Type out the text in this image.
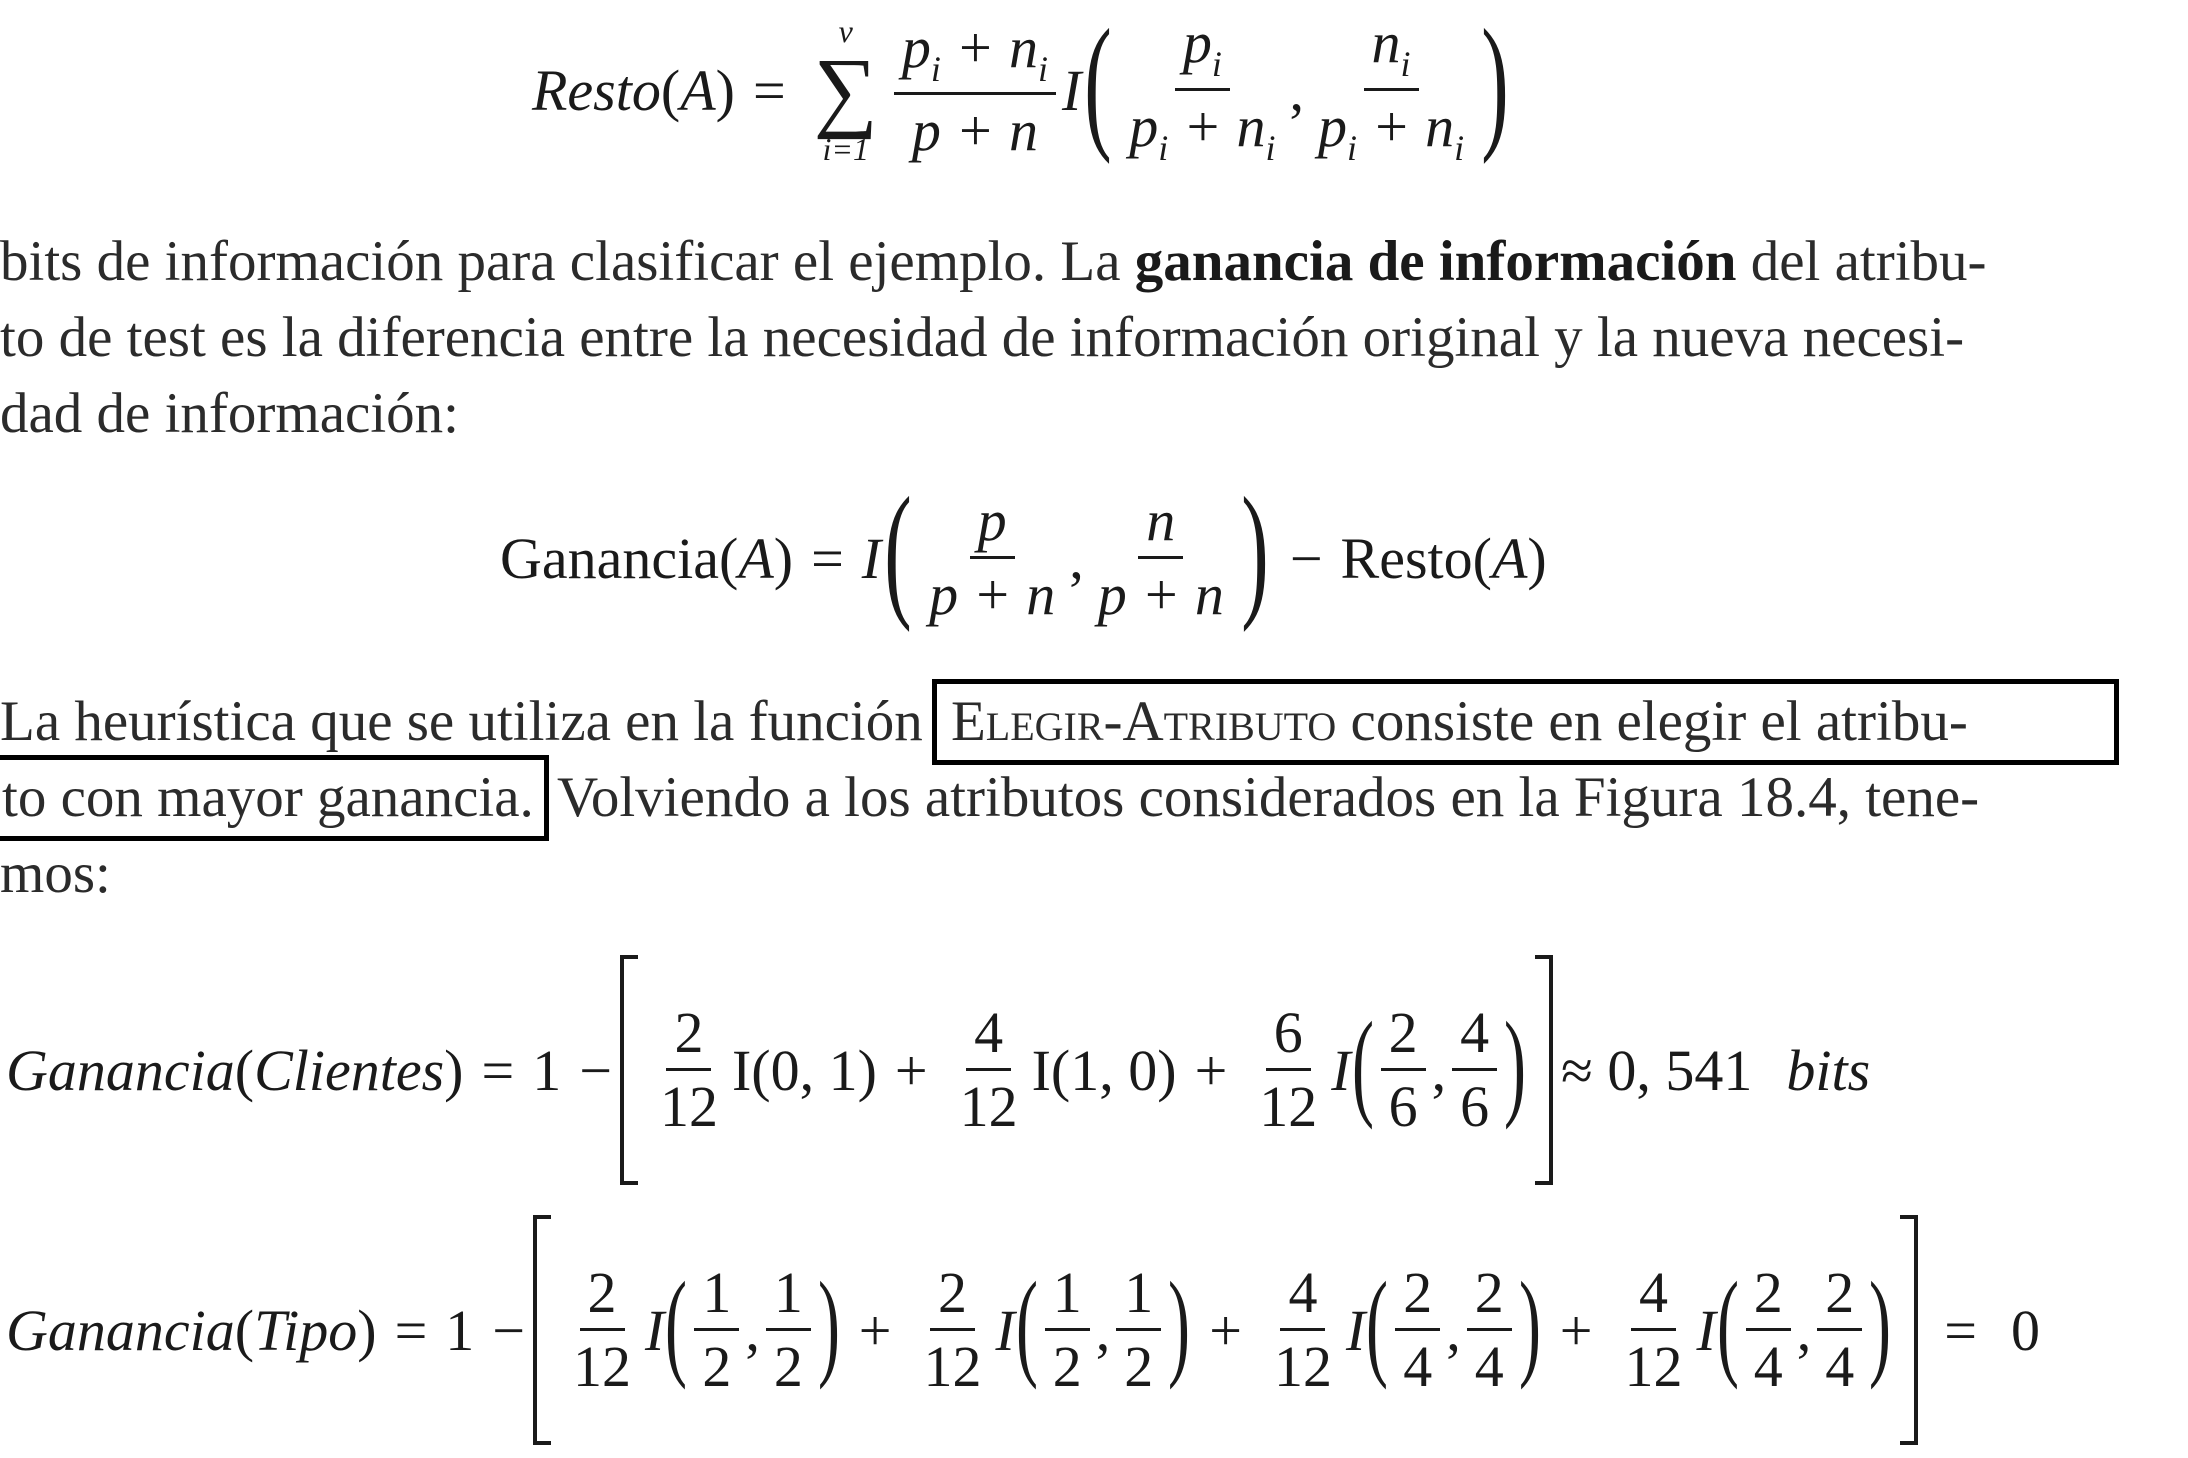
Resto ( A )
=
v
∑
$i=1 \frac{p_i + n_i}{p + n}$ I ( $\frac{p_i}{p_i + n_i}$ , $\frac{n_i}{p_i + n_i}$ )

bits de información para clasificar el ejemplo. La ganancia de información del atribu-

to de test es la diferencia entre la necesidad de información original y la nueva necesi-

dad de información:

Ganancia ( A )
= I ( $\frac{p}{p + n}$ , $\frac{n}{p + n}$ ) − Resto ( A )

La heurística que se utiliza en la función Elegir-Atributo consiste en elegir el atribu-

to con mayor ganancia. Volviendo a los atributos considerados en la Figura 18.4, tene-

mos:

Ganancia ( Clientes )
= $1 - \frac{2}{12} I(0$, $1) + \frac{4}{12} I(1$, $0) + \frac{6}{12}$ I ( $\frac{2}{6}$ , $\frac{4}{6}$ ) ≈ 0, 541 bits
Ganancia ( Tipo )
= $1 - \frac{2}{12}$ I ( $\frac{1}{2}$ , $\frac{1}{2}$ ) + $\frac{2}{12}$ I ( $\frac{1}{2}$ , $\frac{1}{2}$ ) + $\frac{4}{12}$ I ( $\frac{2}{4}$ , $\frac{2}{4}$ ) + $\frac{4}{12}$ I ( $\frac{2}{4}$ , $\frac{2}{4}$ ) = 0
